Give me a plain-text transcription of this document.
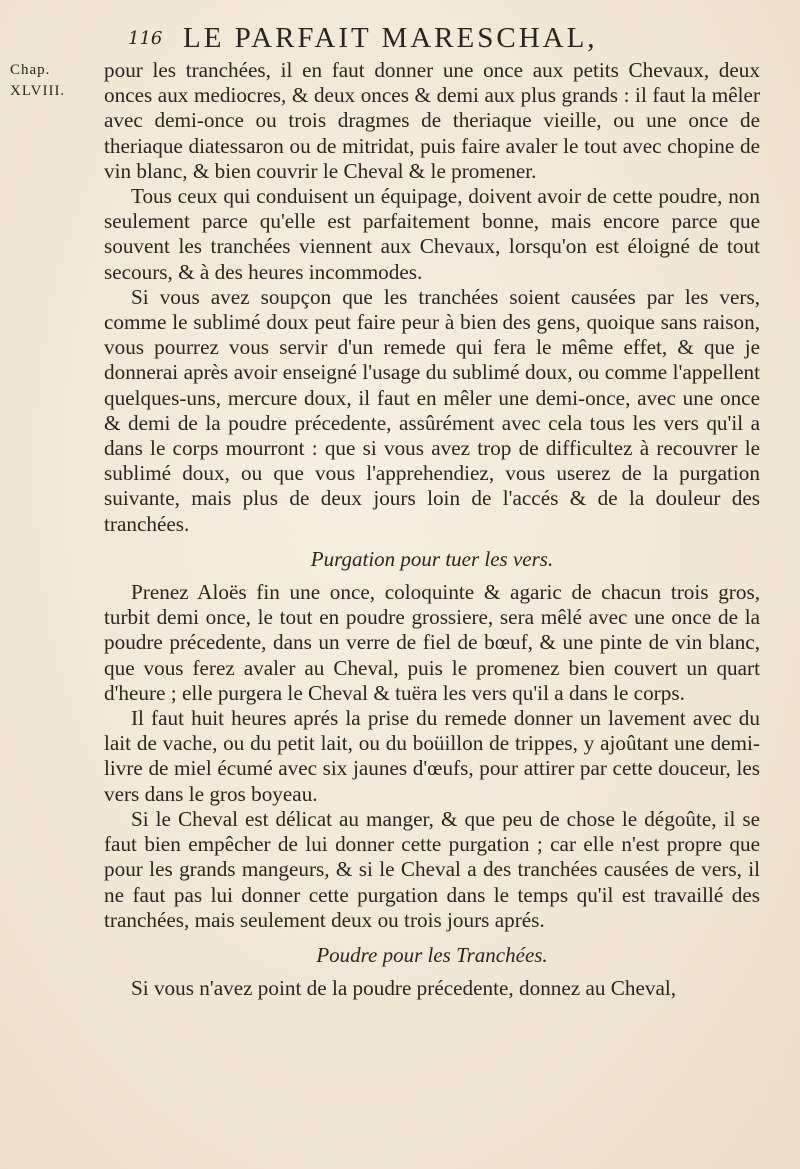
116 LE PARFAIT MARESCHAL,
Chap.
XLVIII.

pour les tranchées, il en faut donner une once aux petits Chevaux, deux onces aux mediocres, & deux onces & demi aux plus grands : il faut la mêler avec demi-once ou trois dragmes de theriaque vieille, ou une once de theriaque diatessaron ou de mitridat, puis faire avaler le tout avec chopine de vin blanc, & bien couvrir le Cheval & le promener.

Tous ceux qui conduisent un équipage, doivent avoir de cette poudre, non seulement parce qu'elle est parfaitement bonne, mais encore parce que souvent les tranchées viennent aux Chevaux, lorsqu'on est éloigné de tout secours, & à des heures incommodes.

Si vous avez soupçon que les tranchées soient causées par les vers, comme le sublimé doux peut faire peur à bien des gens, quoique sans raison, vous pourrez vous servir d'un remede qui fera le même effet, & que je donnerai après avoir enseigné l'usage du sublimé doux, ou comme l'appellent quelques-uns, mercure doux, il faut en mêler une demi-once, avec une once & demi de la poudre précedente, assûrément avec cela tous les vers qu'il a dans le corps mourront : que si vous avez trop de difficultez à recouvrer le sublimé doux, ou que vous l'apprehendiez, vous userez de la purgation suivante, mais plus de deux jours loin de l'accés & de la douleur des tranchées.

Purgation pour tuer les vers.

Prenez Aloës fin une once, coloquinte & agaric de chacun trois gros, turbit demi once, le tout en poudre grossiere, sera mêlé avec une once de la poudre précedente, dans un verre de fiel de bœuf, & une pinte de vin blanc, que vous ferez avaler au Cheval, puis le promenez bien couvert un quart d'heure ; elle purgera le Cheval & tuëra les vers qu'il a dans le corps.

Il faut huit heures aprés la prise du remede donner un lavement avec du lait de vache, ou du petit lait, ou du boüillon de trippes, y ajoûtant une demi-livre de miel écumé avec six jaunes d'œufs, pour attirer par cette douceur, les vers dans le gros boyeau.

Si le Cheval est délicat au manger, & que peu de chose le dégoûte, il se faut bien empêcher de lui donner cette purgation ; car elle n'est propre que pour les grands mangeurs, & si le Cheval a des tranchées causées de vers, il ne faut pas lui donner cette purgation dans le temps qu'il est travaillé des tranchées, mais seulement deux ou trois jours aprés.

Poudre pour les Tranchées.

Si vous n'avez point de la poudre précedente, donnez au Cheval,
